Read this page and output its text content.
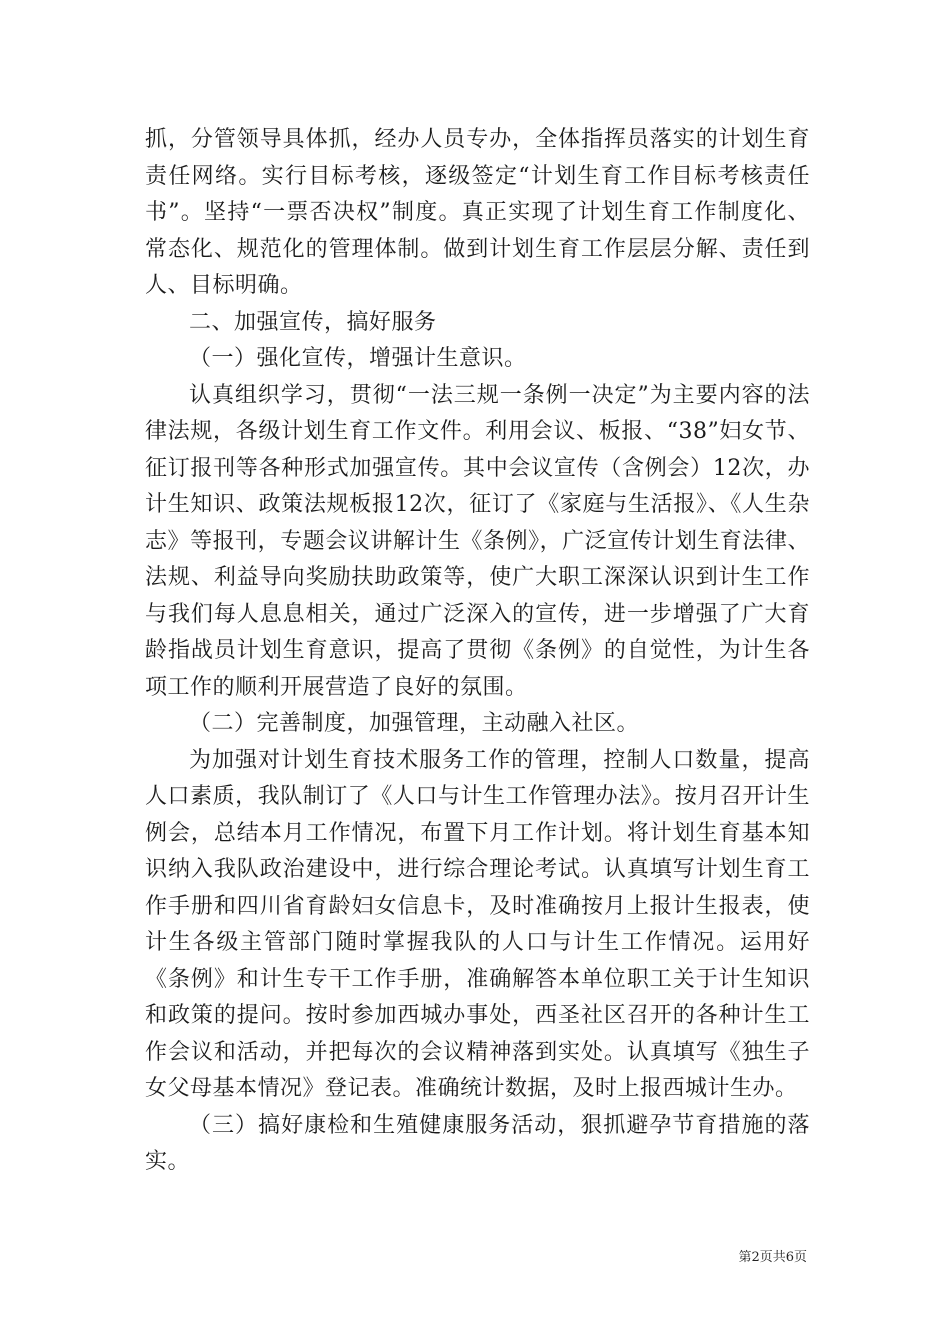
抓，分管领导具体抓，经办人员专办，全体指挥员落实的计划生育责任网络。实行目标考核，逐级签定“计划生育工作目标考核责任书”。坚持“一票否决权”制度。真正实现了计划生育工作制度化、常态化、规范化的管理体制。做到计划生育工作层层分解、责任到人、目标明确。

二、加强宣传，搞好服务

（一）强化宣传，增强计生意识。

认真组织学习，贯彻“一法三规一条例一决定”为主要内容的法律法规，各级计划生育工作文件。利用会议、板报、“38”妇女节、征订报刊等各种形式加强宣传。其中会议宣传（含例会）12次，办计生知识、政策法规板报12次，征订了《家庭与生活报》、《人生杂志》等报刊，专题会议讲解计生《条例》，广泛宣传计划生育法律、法规、利益导向奖励扶助政策等，使广大职工深深认识到计生工作与我们每人息息相关，通过广泛深入的宣传，进一步增强了广大育龄指战员计划生育意识，提高了贯彻《条例》的自觉性，为计生各项工作的顺利开展营造了良好的氛围。

（二）完善制度，加强管理，主动融入社区。

为加强对计划生育技术服务工作的管理，控制人口数量，提高人口素质，我队制订了《人口与计生工作管理办法》。按月召开计生例会，总结本月工作情况，布置下月工作计划。将计划生育基本知识纳入我队政治建设中，进行综合理论考试。认真填写计划生育工作手册和四川省育龄妇女信息卡，及时准确按月上报计生报表，使计生各级主管部门随时掌握我队的人口与计生工作情况。运用好《条例》和计生专干工作手册，准确解答本单位职工关于计生知识和政策的提问。按时参加西城办事处，西圣社区召开的各种计生工作会议和活动，并把每次的会议精神落到实处。认真填写《独生子女父母基本情况》登记表。准确统计数据，及时上报西城计生办。

（三）搞好康检和生殖健康服务活动，狠抓避孕节育措施的落实。

第2页共6页
